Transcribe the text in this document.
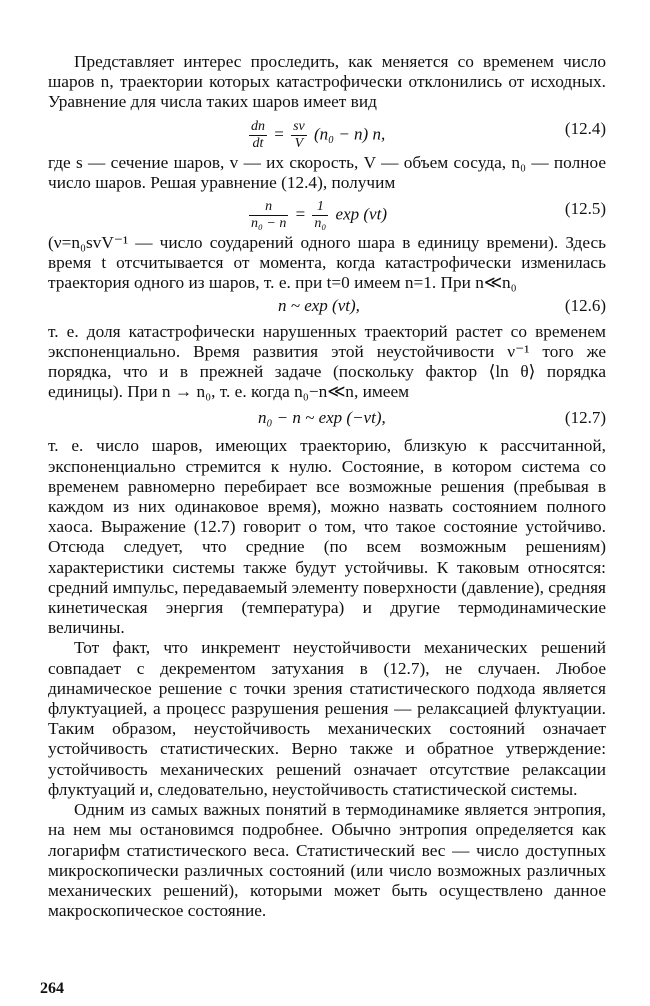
Представляет интерес проследить, как меняется со временем число шаров n, траектории которых катастрофически отклонились от исходных. Уравнение для числа таких шаров имеет вид

$\frac{dn}{dt} = \frac{sv}{V} (n_0 - n)$ n,	(12.4)

где s — сечение шаров, v — их скорость, V — объем сосуда, n₀ — полное число шаров. Решая уравнение (12.4), получим

$\frac{n}{\text{n₀ − n}} = \frac{1}{\text{n₀}}$ exp (νt)	(12.5)

(ν=n₀svV⁻¹ — число соударений одного шара в единицу времени). Здесь время t отсчитывается от момента, когда катастрофически изменилась траектория одного из шаров, т. е. при t=0 имеем n=1. При n≪n₀

n ~ exp (νt),	(12.6)

т. е. доля катастрофически нарушенных траекторий растет со временем экспоненциально. Время развития этой неустойчивости ν⁻¹ того же порядка, что и в прежней задаче (поскольку фактор ⟨ln θ⟩ порядка единицы). При n → n₀, т. е. когда n₀−n≪n, имеем

n₀ − n ~ exp (−νt),	(12.7)

т. е. число шаров, имеющих траекторию, близкую к рассчитанной, экспоненциально стремится к нулю. Состояние, в котором система со временем равномерно перебирает все возможные решения (пребывая в каждом из них одинаковое время), можно назвать состоянием полного хаоса. Выражение (12.7) говорит о том, что такое состояние устойчиво. Отсюда следует, что средние (по всем возможным решениям) характеристики системы также будут устойчивы. К таковым относятся: средний импульс, передаваемый элементу поверхности (давление), средняя кинетическая энергия (температура) и другие термодинамические величины.

Тот факт, что инкремент неустойчивости механических решений совпадает с декрементом затухания в (12.7), не случаен. Любое динамическое решение с точки зрения статистического подхода является флуктуацией, а процесс разрушения решения — релаксацией флуктуации. Таким образом, неустойчивость механических состояний означает устойчивость статистических. Верно также и обратное утверждение: устойчивость механических решений означает отсутствие релаксации флуктуаций и, следовательно, неустойчивость статистической системы.

Одним из самых важных понятий в термодинамике является энтропия, на нем мы остановимся подробнее. Обычно энтропия определяется как логарифм статистического веса. Статистический вес — число доступных микроскопически различных состояний (или число возможных различных механических решений), которыми может быть осуществлено данное макроскопическое состояние.

264
